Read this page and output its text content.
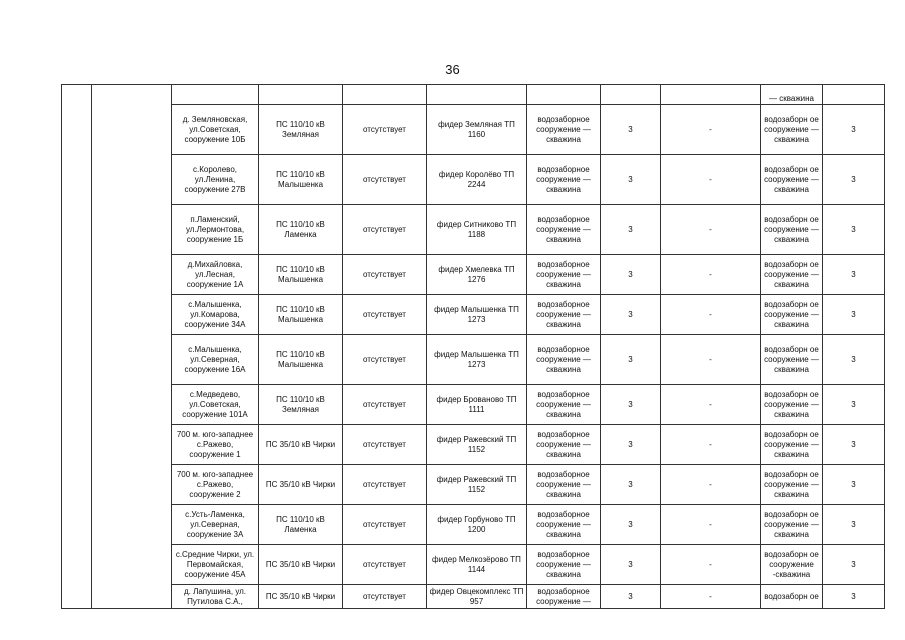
36
									— скважина	
		д. Земляновская, ул.Советская, сооружение 10Б	ПС 110/10 кВ Земляная	отсутствует	фидер Земляная ТП 1160	водозаборное сооружение — скважина	3	-	водозаборн ое сооружение — скважина	3
		с.Королево, ул.Ленина, сооружение 27В	ПС 110/10 кВ Малышенка	отсутствует	фидер Королёво ТП 2244	водозаборное сооружение — скважина	3	-	водозаборн ое сооружение — скважина	3
		п.Ламенский, ул.Лермонтова, сооружение 1Б	ПС 110/10 кВ Ламенка	отсутствует	фидер Ситниково ТП 1188	водозаборное сооружение — скважина	3	-	водозаборн ое сооружение — скважина	3
		д.Михайловка, ул.Лесная, сооружение 1А	ПС 110/10 кВ Малышенка	отсутствует	фидер Хмелевка ТП 1276	водозаборное сооружение — скважина	3	-	водозаборн ое сооружение — скважина	3
		с.Малышенка, ул.Комарова, сооружение 34А	ПС 110/10 кВ Малышенка	отсутствует	фидер Малышенка ТП 1273	водозаборное сооружение — скважина	3	-	водозаборн ое сооружение — скважина	3
		с.Малышенка, ул.Северная, сооружение 16А	ПС 110/10 кВ Малышенка	отсутствует	фидер Малышенка ТП 1273	водозаборное сооружение — скважина	3	-	водозаборн ое сооружение — скважина	3
		с.Медведево, ул.Советская, сооружение 101А	ПС 110/10 кВ Земляная	отсутствует	фидер Брованово ТП 1111	водозаборное сооружение — скважина	3	-	водозаборн ое сооружение — скважина	3
		700 м. юго-западнее с.Ражево, сооружение 1	ПС 35/10 кВ Чирки	отсутствует	фидер Ражевский ТП 1152	водозаборное сооружение — скважина	3	-	водозаборн ое сооружение — скважина	3
		700 м. юго-западнее с.Ражево, сооружение 2	ПС 35/10 кВ Чирки	отсутствует	фидер Ражевский ТП 1152	водозаборное сооружение — скважина	3	-	водозаборн ое сооружение — скважина	3
		с.Усть-Ламенка, ул.Северная, сооружение 3А	ПС 110/10 кВ Ламенка	отсутствует	фидер Горбуново ТП 1200	водозаборное сооружение — скважина	3	-	водозаборн ое сооружение — скважина	3
		с.Средние Чирки, ул. Первомайская, сооружение 45А	ПС 35/10 кВ Чирки	отсутствует	фидер Мелкозёрово ТП 1144	водозаборное сооружение — скважина	3	-	водозаборн ое сооружение -скважина	3
		д. Лапушина, ул. Путилова С.А.,	ПС 35/10 кВ Чирки	отсутствует	фидер Овцекомплекс ТП 957	водозаборное сооружение —	3	-	водозаборн ое	3
